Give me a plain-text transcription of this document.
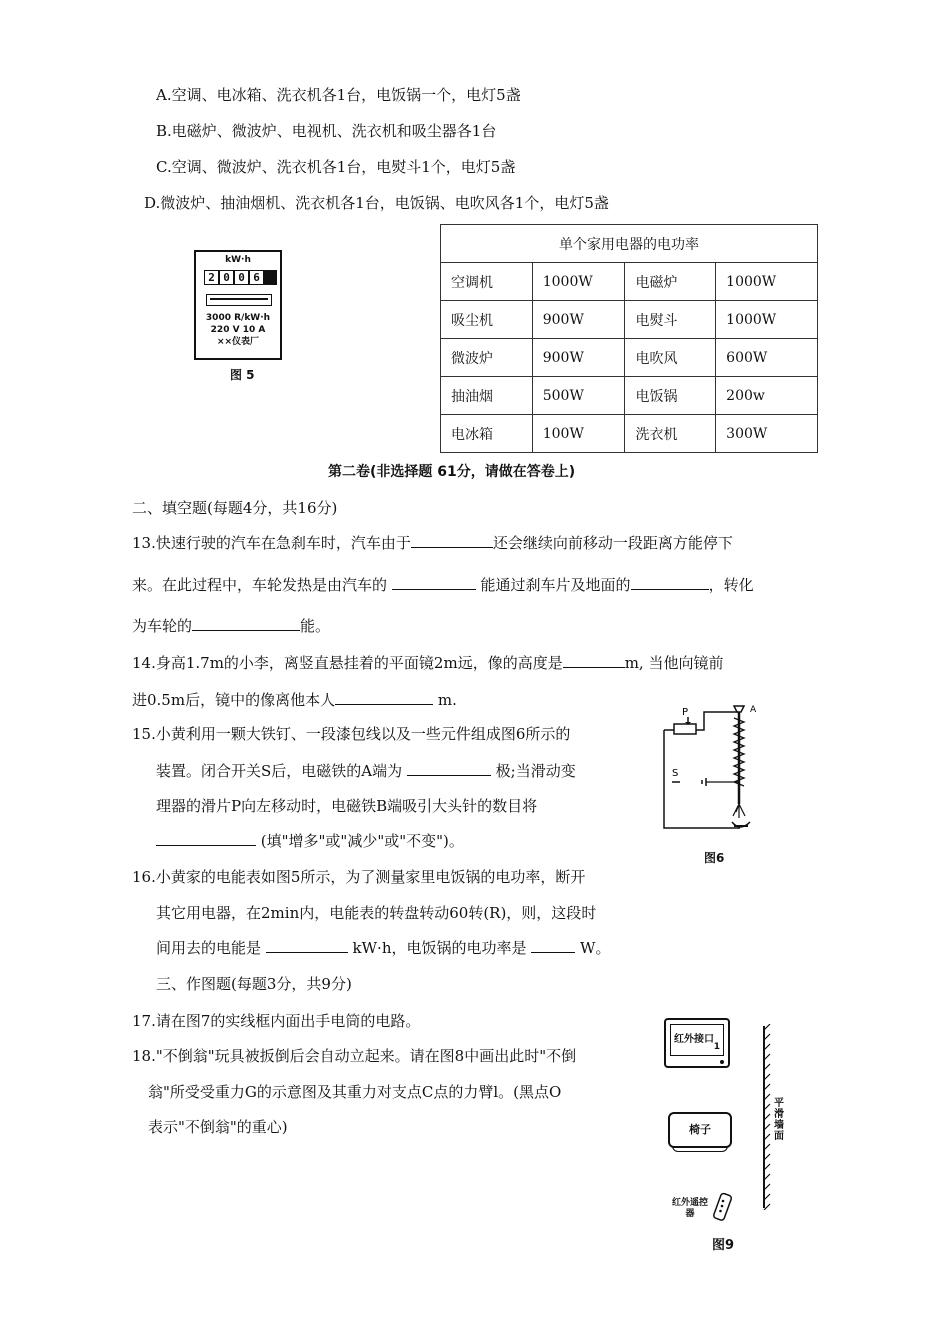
A.空调、电冰箱、洗衣机各1台，电饭锅一个，电灯5盏
B.电磁炉、微波炉、电视机、洗衣机和吸尘器各1台
C.空调、微波炉、洗衣机各1台，电熨斗1个，电灯5盏
D.微波炉、抽油烟机、洗衣机各1台，电饭锅、电吹风各1个，电灯5盏
kW·h
2 0 0 6
3000 R/kW·h
220 V 10 A
××仪表厂
图 5
单个家用电器的电功率			
空调机	1000W	电磁炉	1000W
吸尘机	900W	电熨斗	1000W
微波炉	900W	电吹风	600W
抽油烟	500W	电饭锅	200w
电冰箱	100W	洗衣机	300W
第二卷(非选择题 61分，请做在答卷上)
二、填空题(每题4分，共16分)
13.快速行驶的汽车在急刹车时，汽车由于	还会继续向前移动一段距离方能停下
来。在此过程中，车轮发热是由汽车的	能通过刹车片及地面的	，转化
为车轮的	能。
14.身高1.7m的小李，离竖直悬挂着的平面镜2m远，像的高度是	m, 当他向镜前
进0.5m后，镜中的像离他本人	m.
15.小黄利用一颗大铁钉、一段漆包线以及一些元件组成图6所示的
装置。闭合开关S后，电磁铁的A端为	极;当滑动变
理器的滑片P向左移动时，电磁铁B端吸引大头针的数目将
(填"增多"或"减少"或"不变")。
P
S
A
图6
16.小黄家的电能表如图5所示，为了测量家里电饭锅的电功率，断开
其它用电器，在2min内，电能表的转盘转动60转(R)，则，这段时
间用去的电能是	kW·h，电饭锅的电功率是	W。
三、作图题(每题3分，共9分)
17.请在图7的实线框内面出手电筒的电路。
18."不倒翁"玩具被扳倒后会自动立起来。请在图8中画出此时"不倒
翁"所受受重力G的示意图及其重力对支点C点的力臂l。(黑点O
表示"不倒翁"的重心)
红外接口
1
椅子
平滑墙面
红外遥控器
图9
